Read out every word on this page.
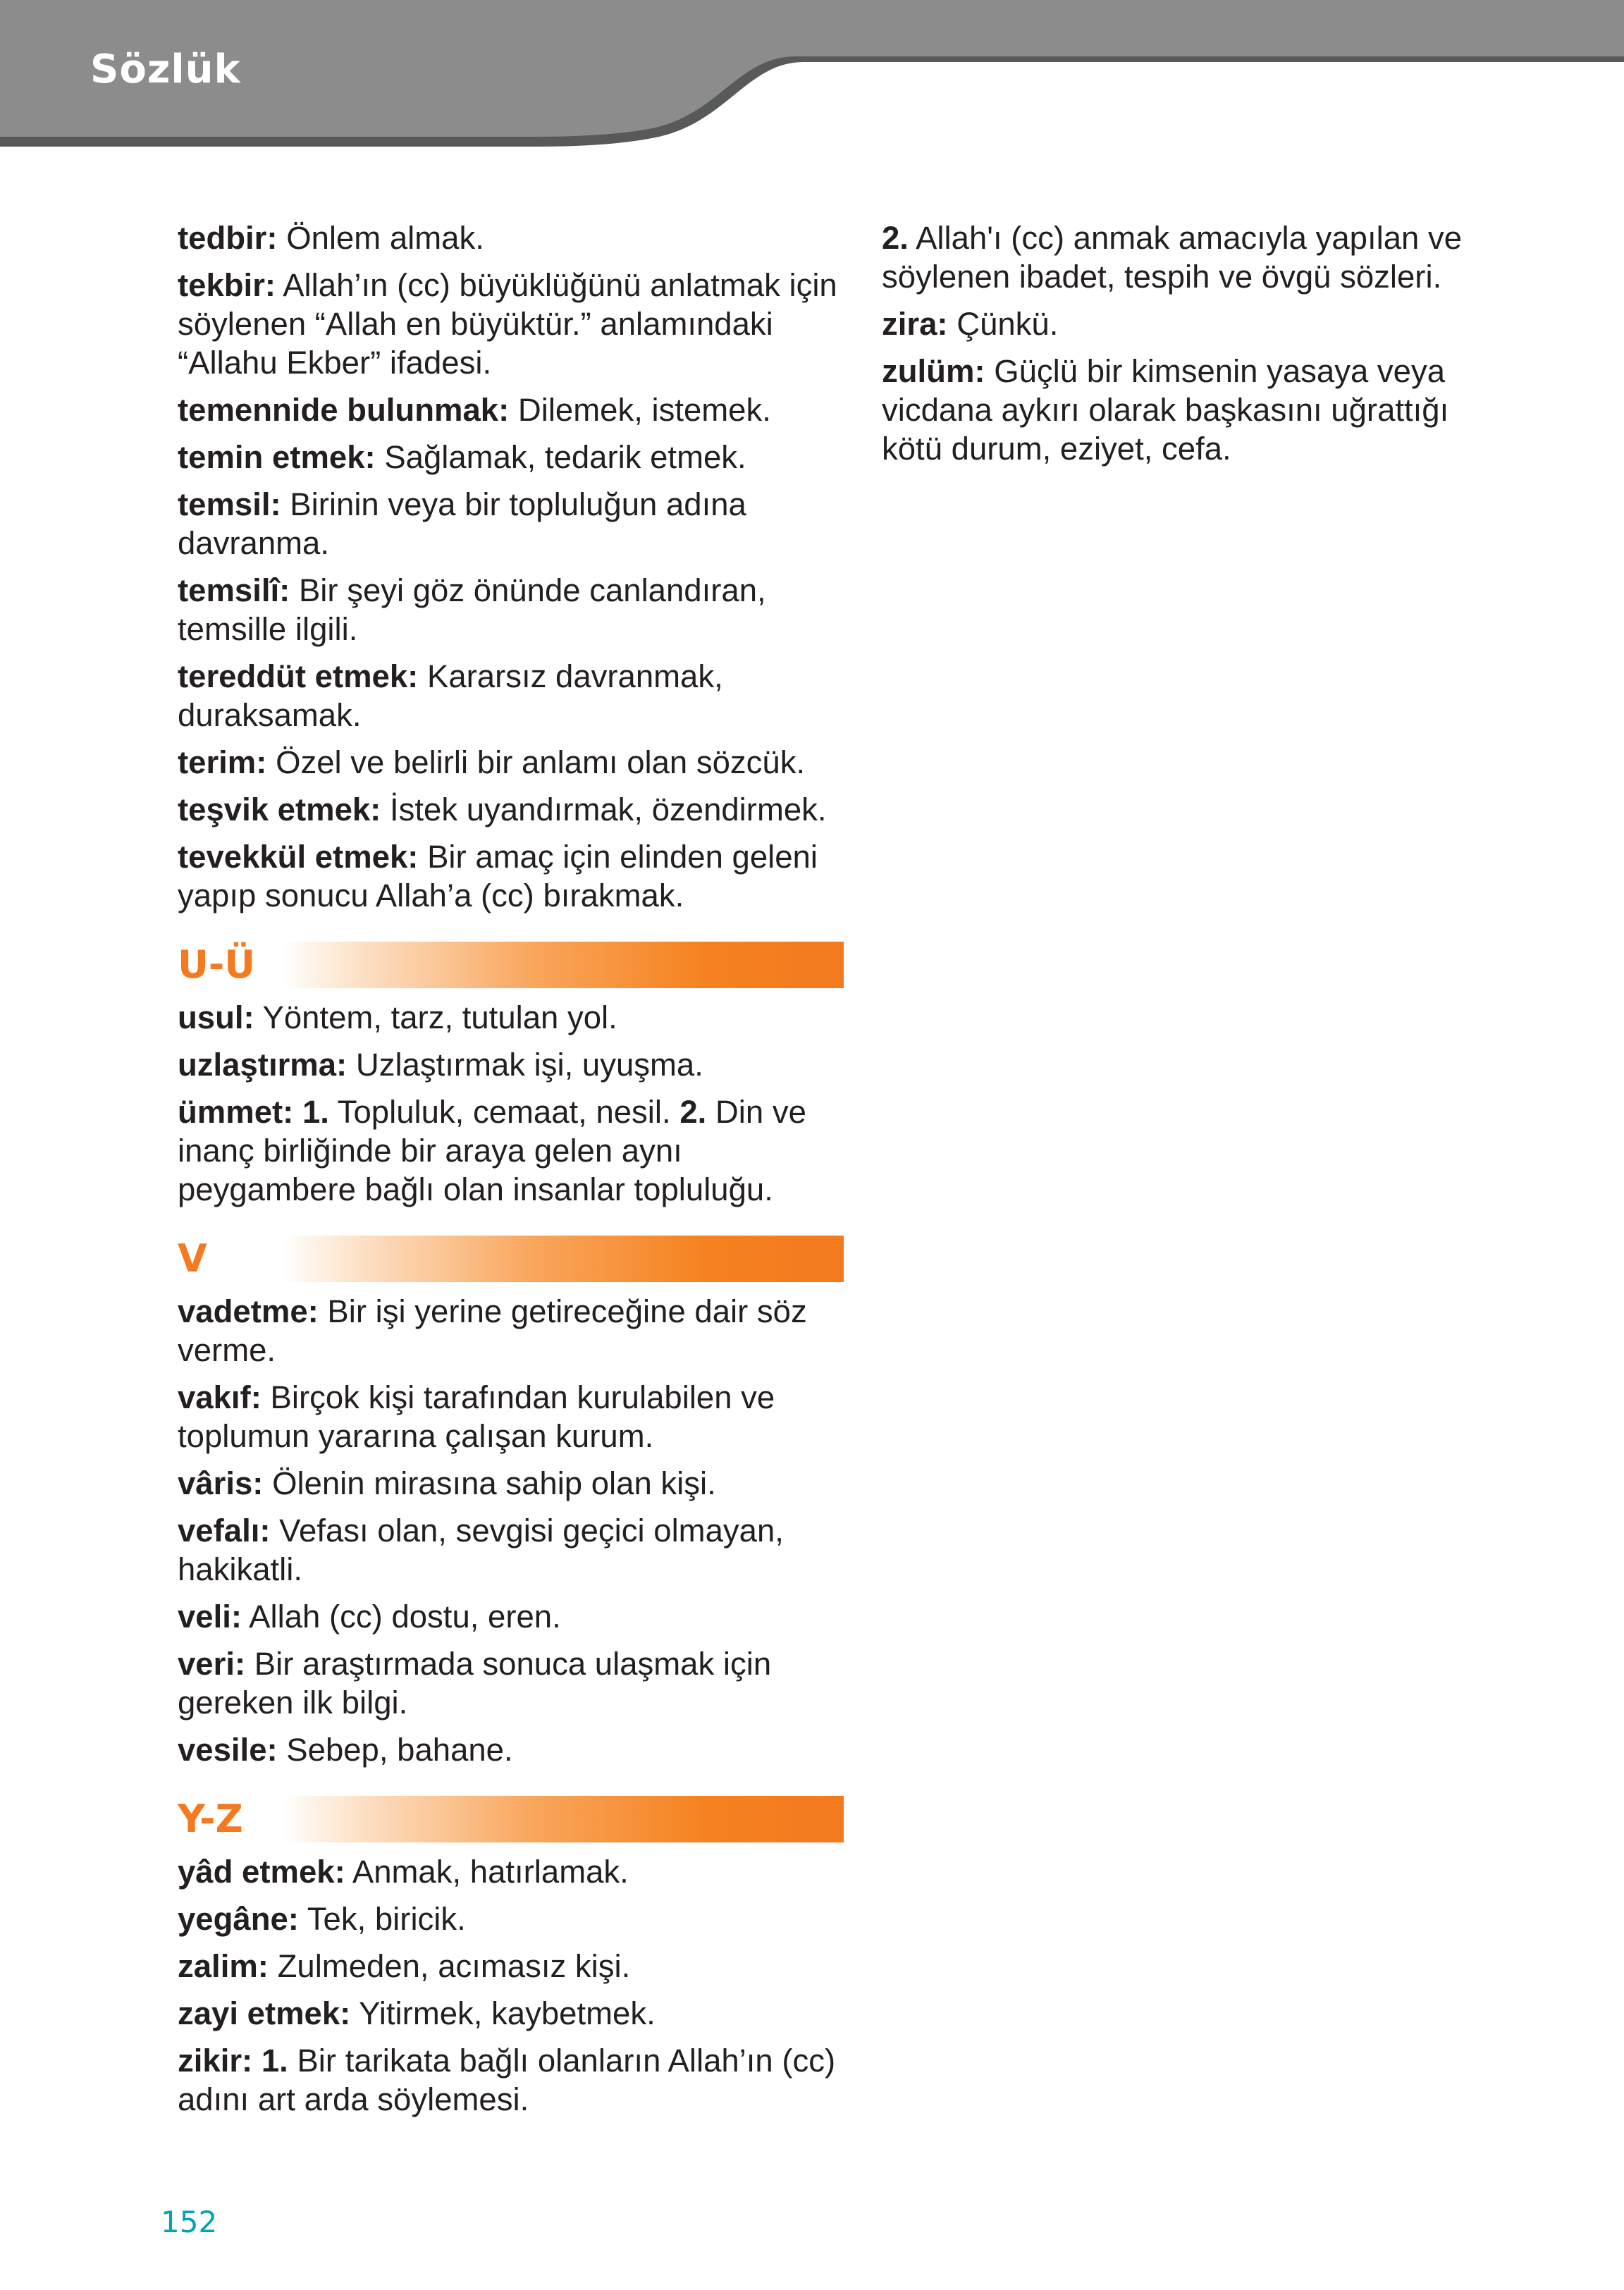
Sözlük
tedbir: Önlem almak.
tekbir: Allah’ın (cc) büyüklüğünü anlatmak için söylenen “Allah en büyüktür.” anlamındaki “Allahu Ekber” ifadesi.
temennide bulunmak: Dilemek, istemek.
temin etmek: Sağlamak, tedarik etmek.
temsil: Birinin veya bir topluluğun adına davranma.
temsilî: Bir şeyi göz önünde canlandıran, temsille ilgili.
tereddüt etmek: Kararsız davranmak, duraksamak.
terim: Özel ve belirli bir anlamı olan sözcük.
teşvik etmek: İstek uyandırmak, özendirmek.
tevekkül etmek: Bir amaç için elinden geleni yapıp sonucu Allah’a (cc) bırakmak.
U-Ü
usul: Yöntem, tarz, tutulan yol.
uzlaştırma: Uzlaştırmak işi, uyuşma.
ümmet: 1. Topluluk, cemaat, nesil. 2. Din ve inanç birliğinde bir araya gelen aynı peygambere bağlı olan insanlar topluluğu.
V
vadetme: Bir işi yerine getireceğine dair söz verme.
vakıf: Birçok kişi tarafından kurulabilen ve toplumun yararına çalışan kurum.
vâris: Ölenin mirasına sahip olan kişi.
vefalı: Vefası olan, sevgisi geçici olmayan, hakikatli.
veli: Allah (cc) dostu, eren.
veri: Bir araştırmada sonuca ulaşmak için gereken ilk bilgi.
vesile: Sebep, bahane.
Y-Z
yâd etmek: Anmak, hatırlamak.
yegâne: Tek, biricik.
zalim: Zulmeden, acımasız kişi.
zayi etmek: Yitirmek, kaybetmek.
zikir: 1. Bir tarikata bağlı olanların Allah’ın (cc) adını art arda söylemesi.
2. Allah'ı (cc) anmak amacıyla yapılan ve söylenen ibadet, tespih ve övgü sözleri.
zira: Çünkü.
zulüm: Güçlü bir kimsenin yasaya veya vicdana aykırı olarak başkasını uğrattığı kötü durum, eziyet, cefa.
152
